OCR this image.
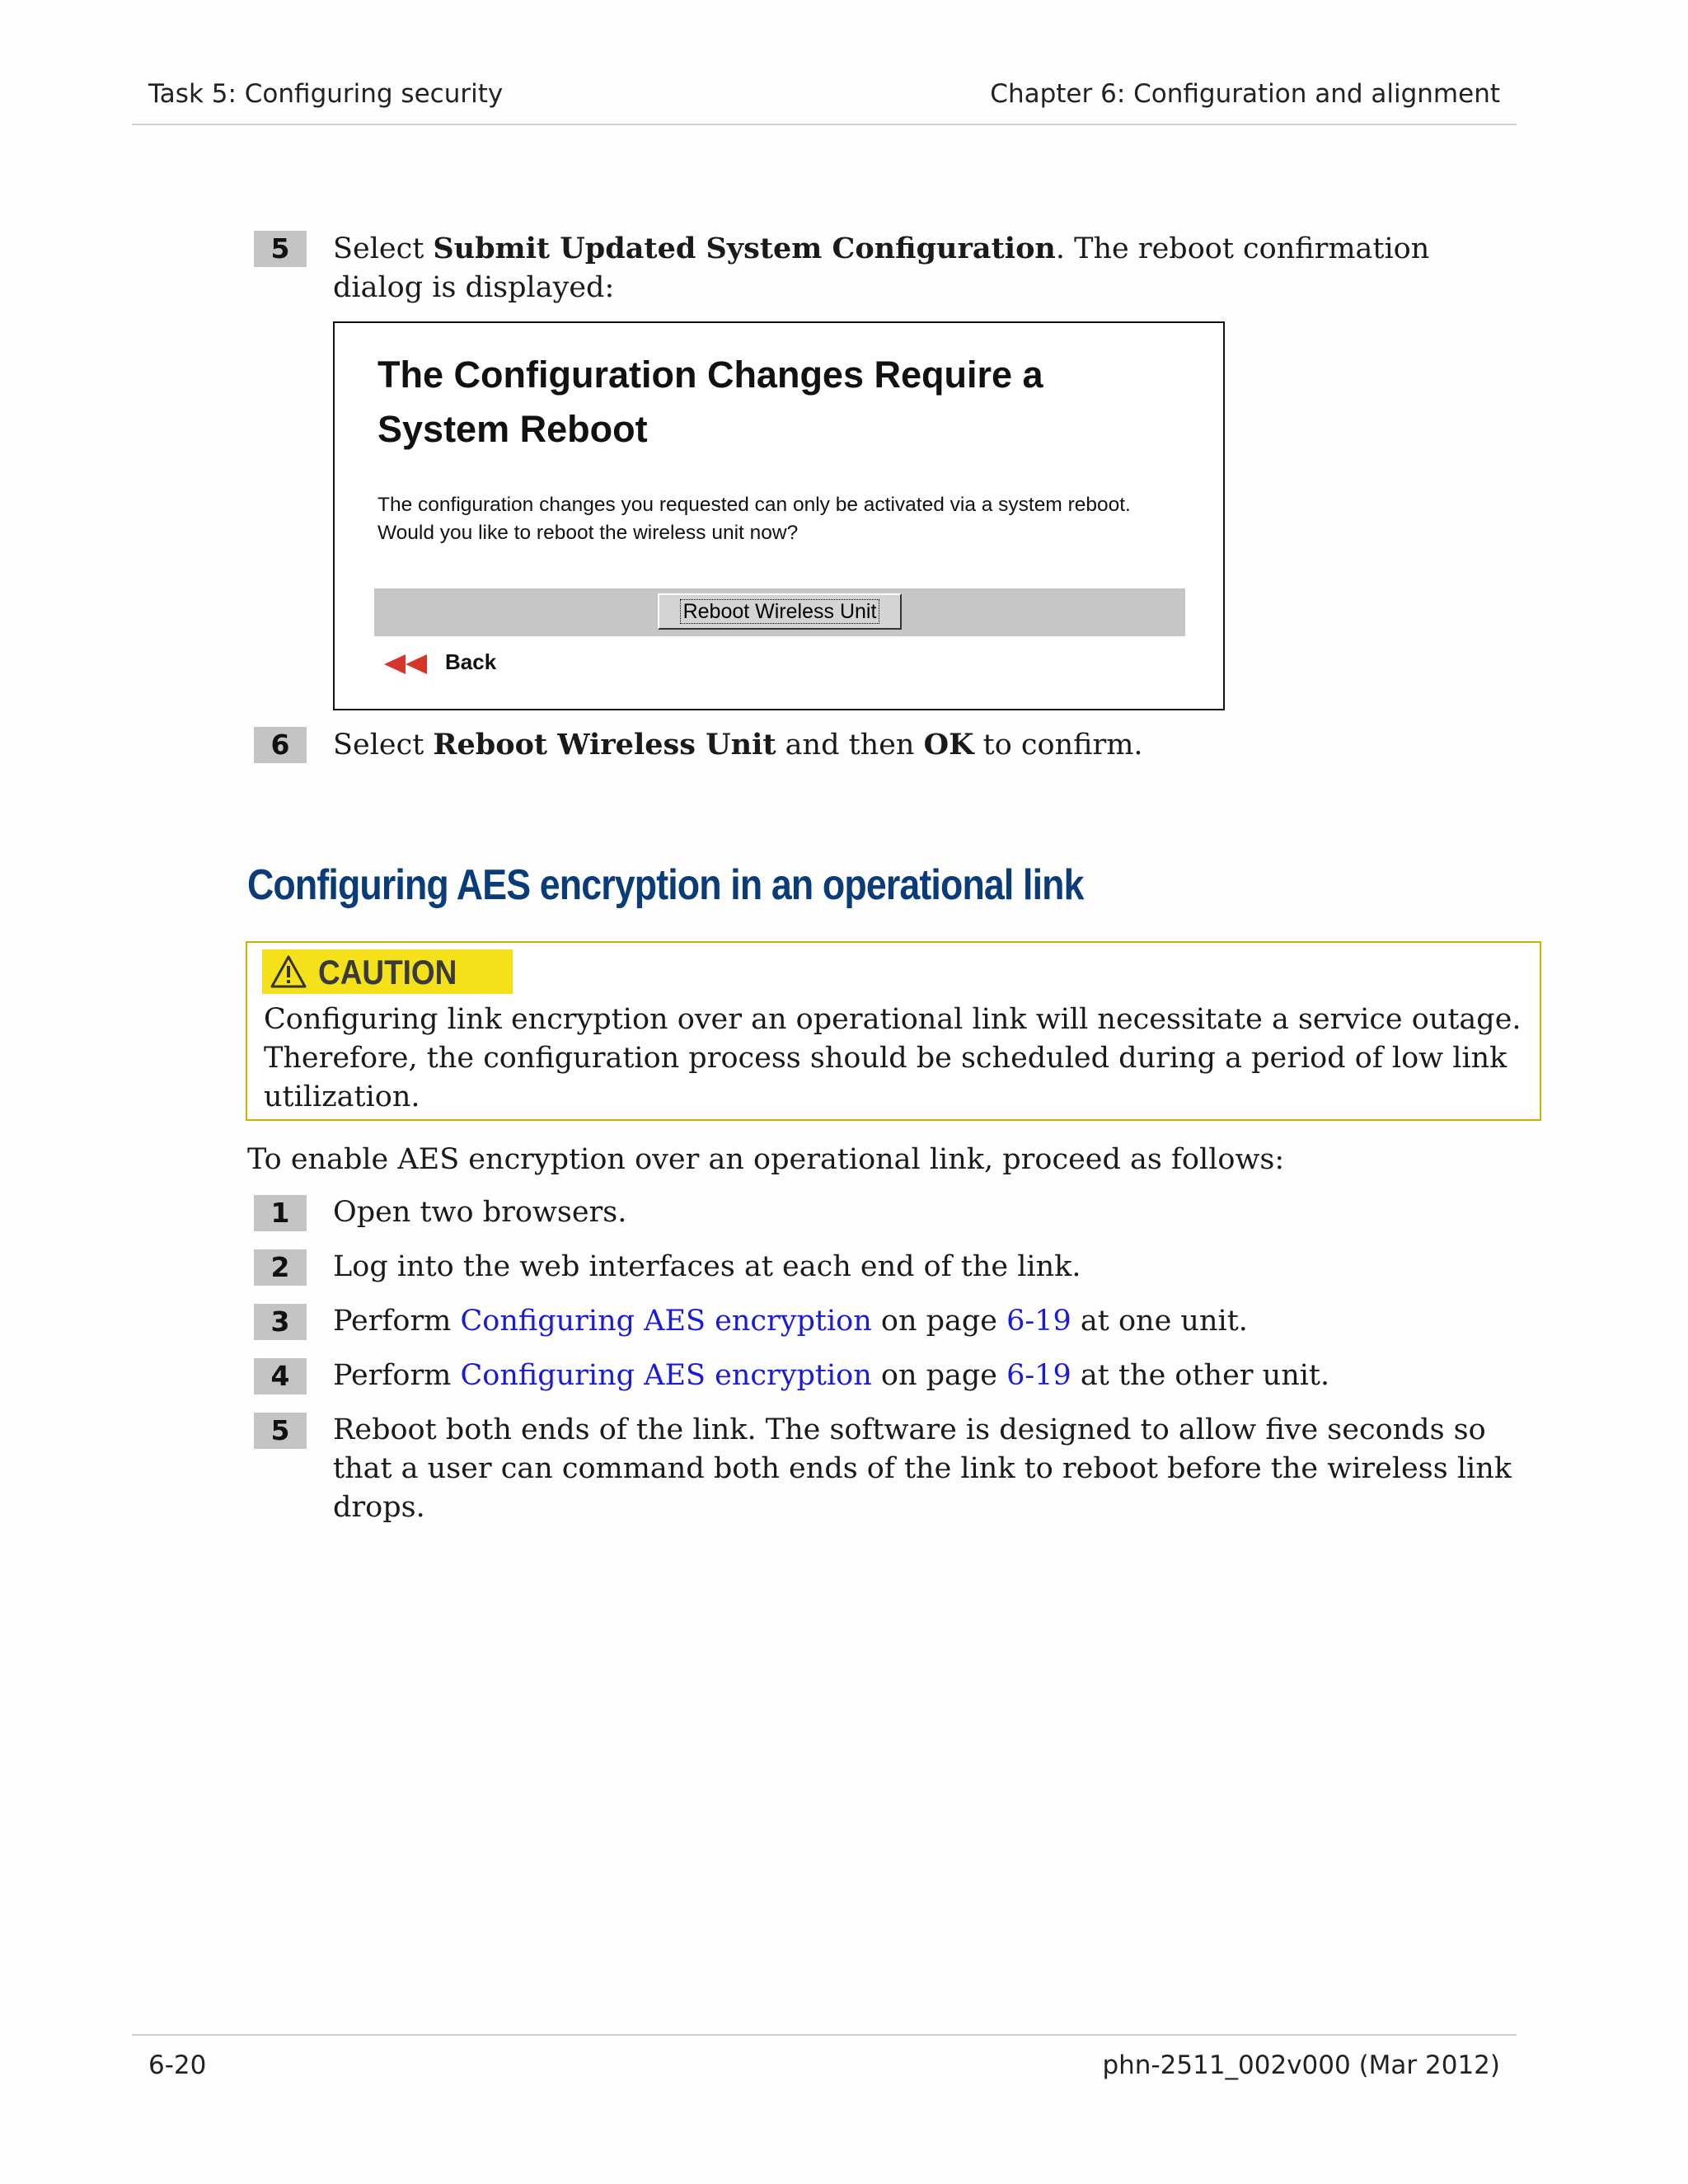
Task 5: Configuring security	Chapter 6: Configuration and alignment
5	Select Submit Updated System Configuration. The reboot confirmation dialog is displayed:
The Configuration Changes Require a System Reboot
The configuration changes you requested can only be activated via a system reboot. Would you like to reboot the wireless unit now?
Reboot Wireless Unit
Back
6	Select Reboot Wireless Unit and then OK to confirm.
Configuring AES encryption in an operational link
CAUTION
Configuring link encryption over an operational link will necessitate a service outage. Therefore, the configuration process should be scheduled during a period of low link utilization.
To enable AES encryption over an operational link, proceed as follows:
1	Open two browsers.
2	Log into the web interfaces at each end of the link.
3	Perform Configuring AES encryption on page 6-19 at one unit.
4	Perform Configuring AES encryption on page 6-19 at the other unit.
5	Reboot both ends of the link. The software is designed to allow five seconds so that a user can command both ends of the link to reboot before the wireless link drops.
6-20	phn-2511_002v000 (Mar 2012)
